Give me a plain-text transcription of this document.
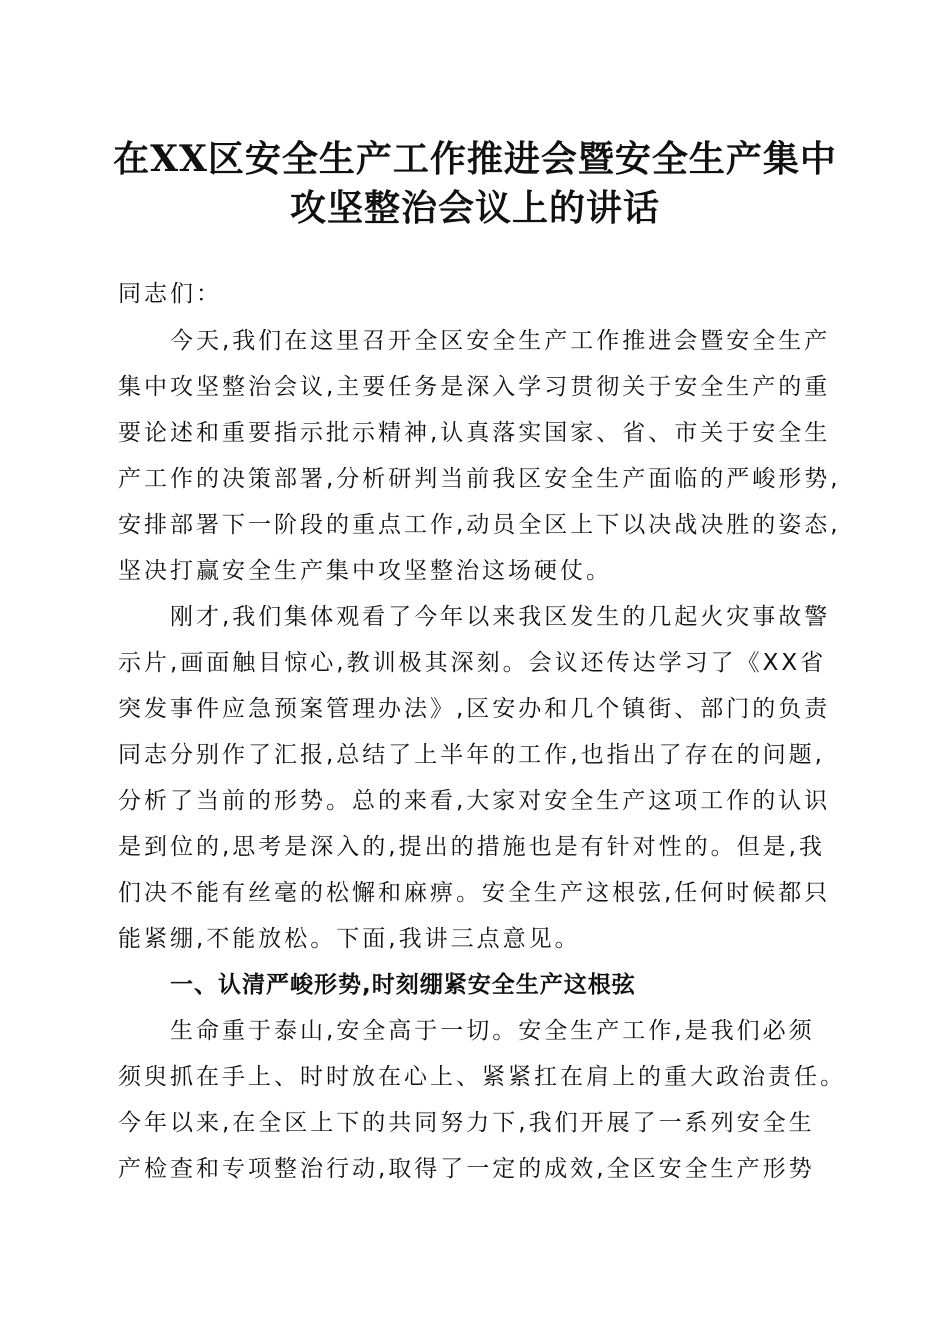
在XX区安全生产工作推进会暨安全生产集中
攻坚整治会议上的讲话
同志们：
今天,我们在这里召开全区安全生产工作推进会暨安全生产
集中攻坚整治会议,主要任务是深入学习贯彻关于安全生产的重
要论述和重要指示批示精神,认真落实国家、省、市关于安全生
产工作的决策部署,分析研判当前我区安全生产面临的严峻形势,
安排部署下一阶段的重点工作,动员全区上下以决战决胜的姿态,
坚决打赢安全生产集中攻坚整治这场硬仗。
刚才,我们集体观看了今年以来我区发生的几起火灾事故警
示片,画面触目惊心,教训极其深刻。会议还传达学习了《XX省
突发事件应急预案管理办法》,区安办和几个镇街、部门的负责
同志分别作了汇报,总结了上半年的工作,也指出了存在的问题,
分析了当前的形势。总的来看,大家对安全生产这项工作的认识
是到位的,思考是深入的,提出的措施也是有针对性的。但是,我
们决不能有丝毫的松懈和麻痹。安全生产这根弦,任何时候都只
能紧绷,不能放松。下面,我讲三点意见。
一、认清严峻形势,时刻绷紧安全生产这根弦
生命重于泰山,安全高于一切。安全生产工作,是我们必须
须臾抓在手上、时时放在心上、紧紧扛在肩上的重大政治责任。
今年以来,在全区上下的共同努力下,我们开展了一系列安全生
产检查和专项整治行动,取得了一定的成效,全区安全生产形势
